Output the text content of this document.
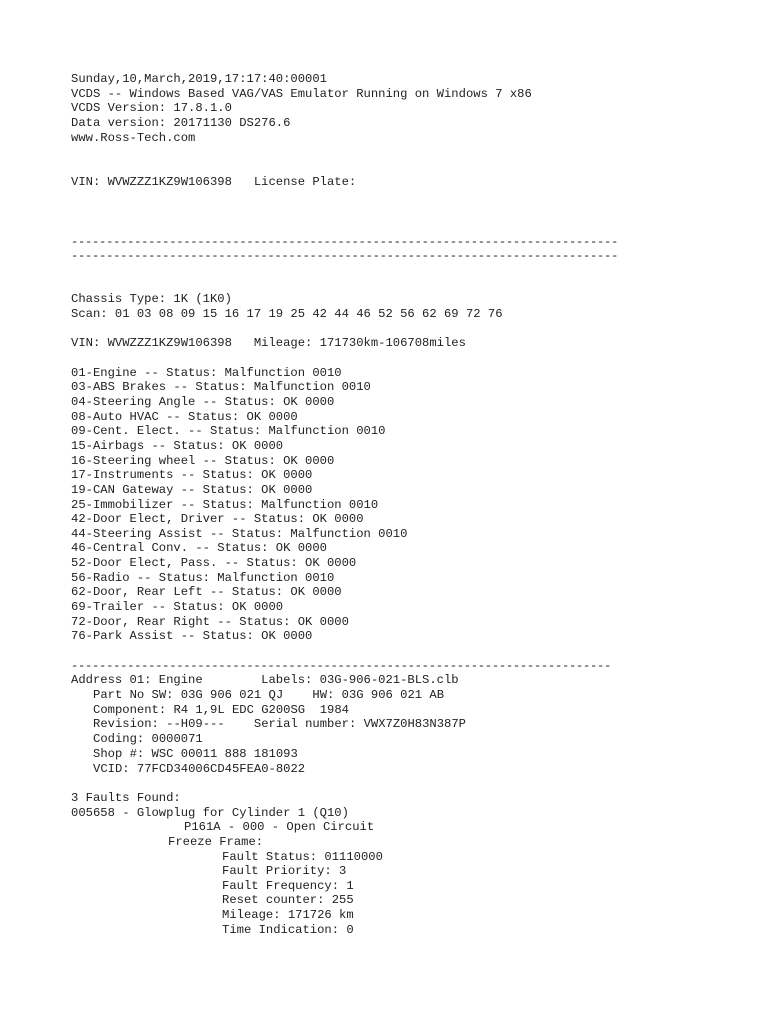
Sunday,10,March,2019,17:17:40:00001
VCDS -- Windows Based VAG/VAS Emulator Running on Windows 7 x86
VCDS Version: 17.8.1.0
Data version: 20171130 DS276.6
www.Ross-Tech.com
VIN: WVWZZZ1KZ9W106398   License Plate:
------------------------------------------------------------------------------
------------------------------------------------------------------------------
Chassis Type: 1K (1K0)
Scan: 01 03 08 09 15 16 17 19 25 42 44 46 52 56 62 69 72 76
VIN: WVWZZZ1KZ9W106398   Mileage: 171730km-106708miles
01-Engine -- Status: Malfunction 0010
03-ABS Brakes -- Status: Malfunction 0010
04-Steering Angle -- Status: OK 0000
08-Auto HVAC -- Status: OK 0000
09-Cent. Elect. -- Status: Malfunction 0010
15-Airbags -- Status: OK 0000
16-Steering wheel -- Status: OK 0000
17-Instruments -- Status: OK 0000
19-CAN Gateway -- Status: OK 0000
25-Immobilizer -- Status: Malfunction 0010
42-Door Elect, Driver -- Status: OK 0000
44-Steering Assist -- Status: Malfunction 0010
46-Central Conv. -- Status: OK 0000
52-Door Elect, Pass. -- Status: OK 0000
56-Radio -- Status: Malfunction 0010
62-Door, Rear Left -- Status: OK 0000
69-Trailer -- Status: OK 0000
72-Door, Rear Right -- Status: OK 0000
76-Park Assist -- Status: OK 0000
-----------------------------------------------------------------------------
Address 01: Engine        Labels: 03G-906-021-BLS.clb
Part No SW: 03G 906 021 QJ    HW: 03G 906 021 AB
Component: R4 1,9L EDC G200SG  1984
Revision: --H09---    Serial number: VWX7Z0H83N387P
Coding: 0000071
Shop #: WSC 00011 888 181093
VCID: 77FCD34006CD45FEA0-8022
3 Faults Found:
005658 - Glowplug for Cylinder 1 (Q10)
P161A - 000 - Open Circuit
Freeze Frame:
Fault Status: 01110000
Fault Priority: 3
Fault Frequency: 1
Reset counter: 255
Mileage: 171726 km
Time Indication: 0
